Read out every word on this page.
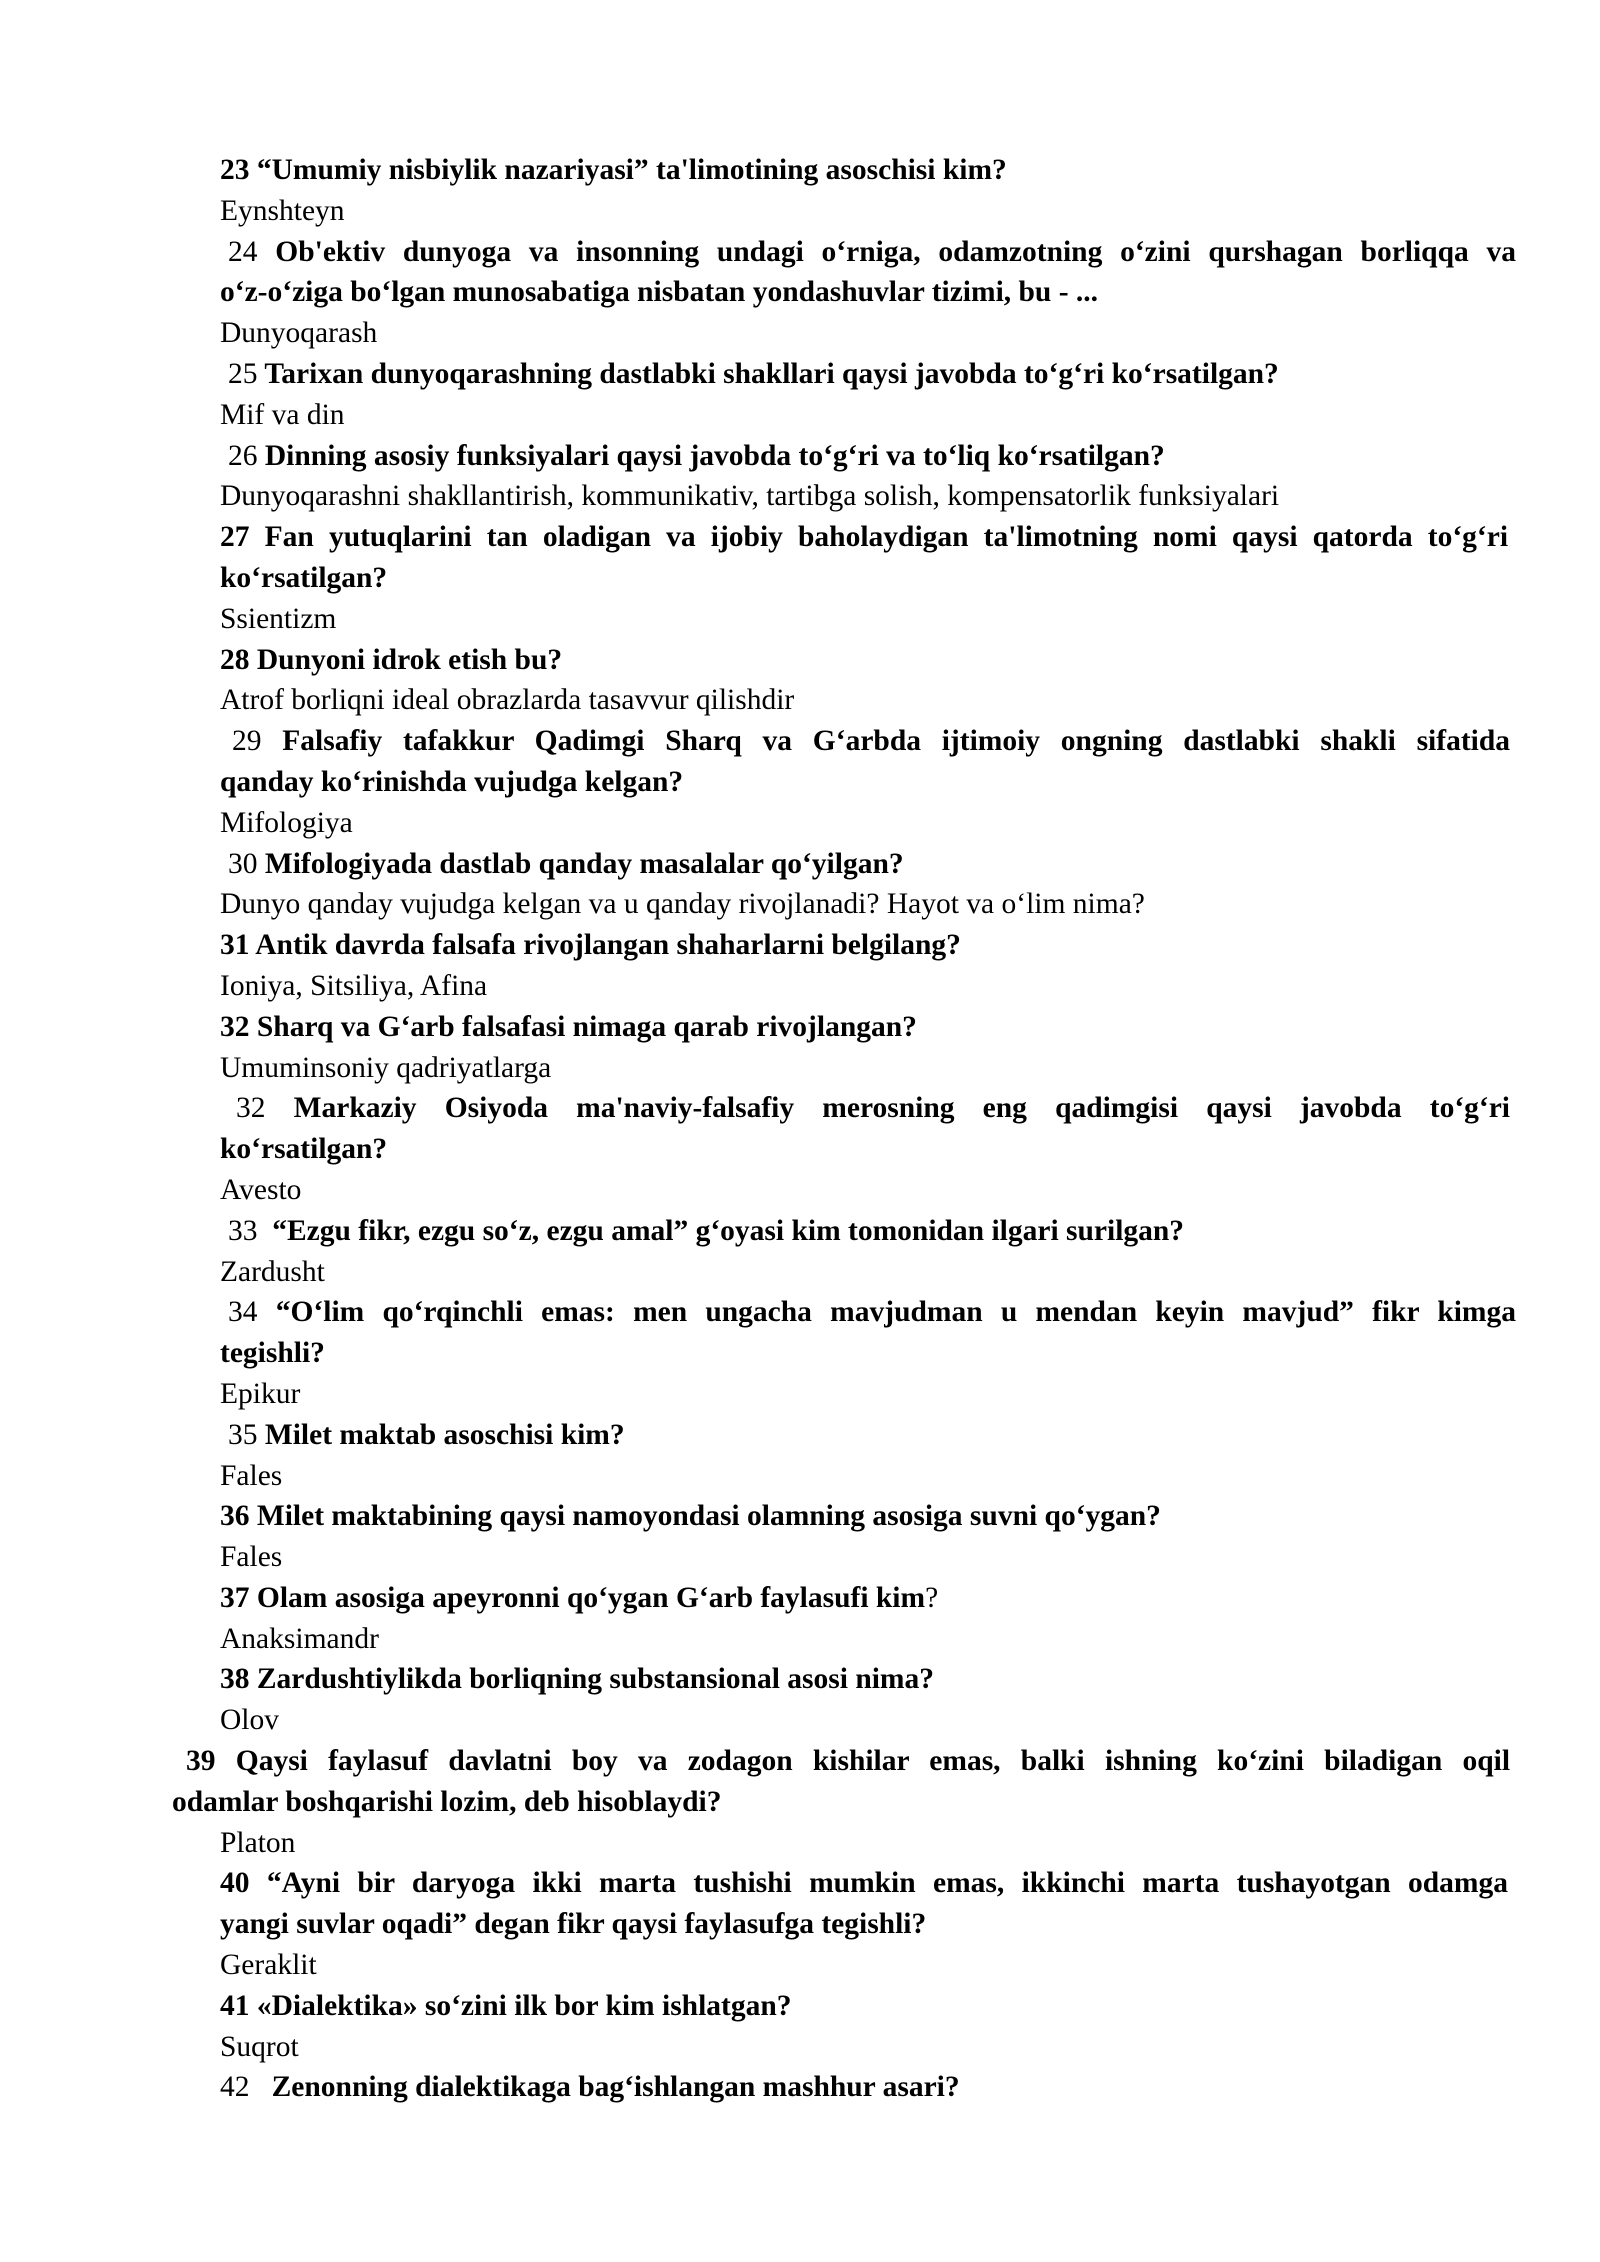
23 “Umumiy nisbiylik nazariyasi” ta'limotining asoschisi kim?
Eynshteyn
24 Ob'ektiv dunyoga va insonning undagi o‘rniga, odamzotning o‘zini qurshagan borliqqa va
o‘z-o‘ziga bo‘lgan munosabatiga nisbatan yondashuvlar tizimi, bu - ...
Dunyoqarash
25 Tarixan dunyoqarashning dastlabki shakllari qaysi javobda to‘g‘ri ko‘rsatilgan?
Mif va din
26 Dinning asosiy funksiyalari qaysi javobda to‘g‘ri va to‘liq ko‘rsatilgan?
Dunyoqarashni shakllantirish, kommunikativ, tartibga solish, kompensatorlik funksiyalari
27 Fan yutuqlarini tan oladigan va ijobiy baholaydigan ta'limotning nomi qaysi qatorda to‘g‘ri
ko‘rsatilgan?
Ssientizm
28 Dunyoni idrok etish bu?
Atrof borliqni ideal obrazlarda tasavvur qilishdir
29 Falsafiy tafakkur Qadimgi Sharq va G‘arbda ijtimoiy ongning dastlabki shakli sifatida
qanday ko‘rinishda vujudga kelgan?
Mifologiya
30 Mifologiyada dastlab qanday masalalar qo‘yilgan?
Dunyo qanday vujudga kelgan va u qanday rivojlanadi? Hayot va o‘lim nima?
31 Antik davrda falsafa rivojlangan shaharlarni belgilang?
Ioniya, Sitsiliya, Afina
32 Sharq va G‘arb falsafasi nimaga qarab rivojlangan?
Umuminsoniy qadriyatlarga
32 Markaziy Osiyoda ma'naviy-falsafiy merosning eng qadimgisi qaysi javobda to‘g‘ri
ko‘rsatilgan?
Avesto
33 “Ezgu fikr, ezgu so‘z, ezgu amal” g‘oyasi kim tomonidan ilgari surilgan?
Zardusht
34 “O‘lim qo‘rqinchli emas: men ungacha mavjudman u mendan keyin mavjud” fikr kimga
tegishli?
Epikur
35 Milet maktab asoschisi kim?
Fales
36 Milet maktabining qaysi namoyondasi olamning asosiga suvni qo‘ygan?
Fales
37 Olam asosiga apeyronni qo‘ygan G‘arb faylasufi kim?
Anaksimandr
38 Zardushtiylikda borliqning substansional asosi nima?
Olov
39 Qaysi faylasuf davlatni boy va zodagon kishilar emas, balki ishning ko‘zini biladigan oqil
odamlar boshqarishi lozim, deb hisoblaydi?
Platon
40 “Ayni bir daryoga ikki marta tushishi mumkin emas, ikkinchi marta tushayotgan odamga
yangi suvlar oqadi” degan fikr qaysi faylasufga tegishli?
Geraklit
41 «Dialektika» so‘zini ilk bor kim ishlatgan?
Suqrot
42 Zenonning dialektikaga bag‘ishlangan mashhur asari?
